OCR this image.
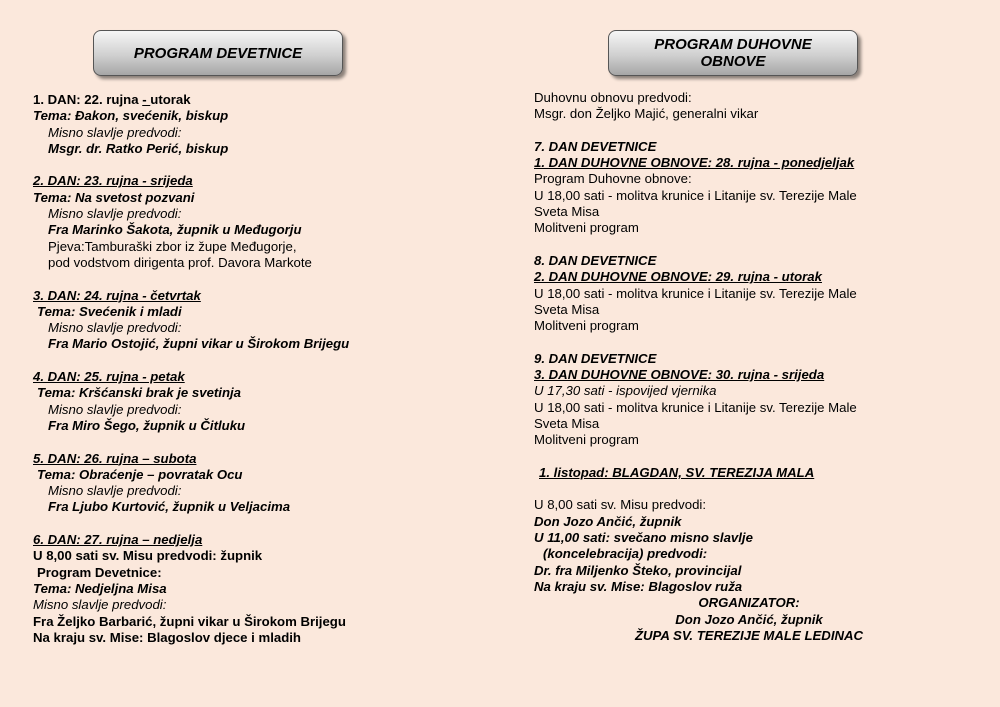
PROGRAM DEVETNICE	PROGRAM DUHOVNE
OBNOVE
1. DAN: 22. rujna - utorak
Tema: Đakon, svećenik, biskup
Misno slavlje predvodi:
Msgr. dr. Ratko Perić, biskup
2. DAN: 23. rujna - srijeda
Tema: Na svetost pozvani
Misno slavlje predvodi:
Fra Marinko Šakota, župnik u Međugorju
Pjeva:Tamburaški zbor iz župe Međugorje,
pod vodstvom dirigenta prof. Davora Markote
3. DAN: 24. rujna - četvrtak
Tema: Svećenik i mladi
Misno slavlje predvodi:
Fra Mario Ostojić, župni vikar u Širokom Brijegu
4. DAN: 25. rujna - petak
Tema: Kršćanski brak je svetinja
Misno slavlje predvodi:
Fra Miro Šego, župnik u Čitluku
5. DAN: 26. rujna – subota
Tema: Obraćenje – povratak Ocu
Misno slavlje predvodi:
Fra Ljubo Kurtović, župnik u Veljacima
6. DAN: 27. rujna – nedjelja
U 8,00 sati sv. Misu predvodi: župnik
Program Devetnice:
Tema: Nedjeljna Misa
Misno slavlje predvodi:
Fra Željko Barbarić, župni vikar u Širokom Brijegu
Na kraju sv. Mise: Blagoslov djece i mladih
Duhovnu obnovu predvodi:
Msgr. don Željko Majić, generalni vikar
7. DAN DEVETNICE
1. DAN DUHOVNE OBNOVE: 28. rujna - ponedjeljak
Program Duhovne obnove:
U 18,00 sati - molitva krunice i Litanije sv. Terezije Male
Sveta Misa
Molitveni program
8. DAN DEVETNICE
2. DAN DUHOVNE OBNOVE: 29. rujna - utorak
U 18,00 sati - molitva krunice i Litanije sv. Terezije Male
Sveta Misa
Molitveni program
9. DAN DEVETNICE
3. DAN DUHOVNE OBNOVE: 30. rujna - srijeda
U 17,30 sati - ispovijed vjernika
U 18,00 sati - molitva krunice i Litanije sv. Terezije Male
Sveta Misa
Molitveni program
1. listopad: BLAGDAN, SV. TEREZIJA MALA
U 8,00 sati sv. Misu predvodi:
Don Jozo Ančić, župnik
U 11,00 sati: svečano misno slavlje
(koncelebracija) predvodi:
Dr. fra Miljenko Šteko, provincijal
Na kraju sv. Mise: Blagoslov ruža
ORGANIZATOR:
Don Jozo Ančić, župnik
ŽUPA SV. TEREZIJE MALE LEDINAC
